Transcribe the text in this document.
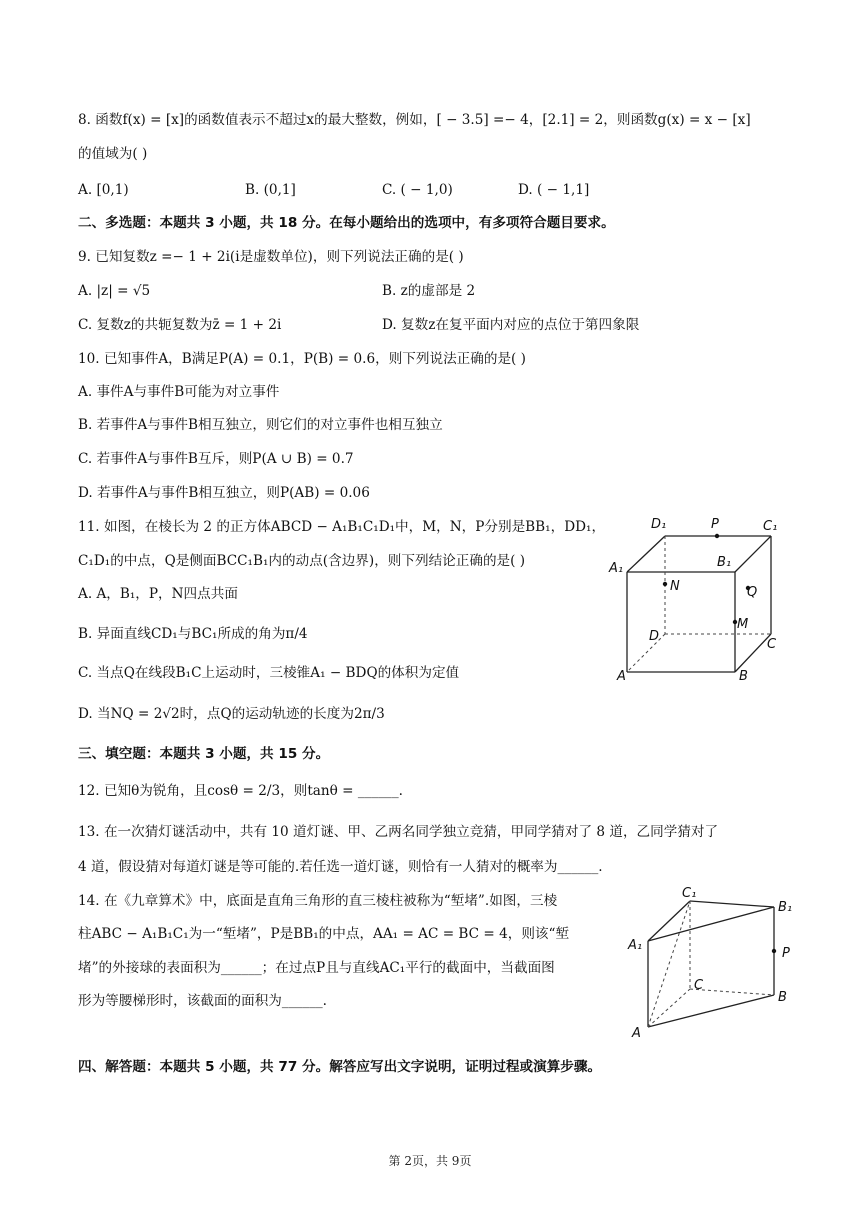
8. 函数f(x) = [x]的函数值表示不超过x的最大整数，例如，[ − 3.5] =− 4，[2.1] = 2，则函数g(x) = x − [x]
的值域为( )
A. [0,1)	B. (0,1]	C. ( − 1,0)	D. ( − 1,1]
二、多选题：本题共 3 小题，共 18 分。在每小题给出的选项中，有多项符合题目要求。
9. 已知复数z =− 1 + 2i(i是虚数单位)，则下列说法正确的是( )
A. |z| = √5	B. z的虚部是 2
C. 复数z的共轭复数为z̄ = 1 + 2i	D. 复数z在复平面内对应的点位于第四象限
10. 已知事件A，B满足P(A) = 0.1，P(B) = 0.6，则下列说法正确的是( )
A. 事件A与事件B可能为对立事件
B. 若事件A与事件B相互独立，则它们的对立事件也相互独立
C. 若事件A与事件B互斥，则P(A ∪ B) = 0.7
D. 若事件A与事件B相互独立，则P(AB) = 0.06
11. 如图，在棱长为 2 的正方体ABCD − A₁B₁C₁D₁中，M，N，P分别是BB₁，DD₁，
C₁D₁的中点，Q是侧面BCC₁B₁内的动点(含边界)，则下列结论正确的是( )
A. A，B₁，P，N四点共面
B. 异面直线CD₁与BC₁所成的角为π/4
C. 当点Q在线段B₁C上运动时，三棱锥A₁ − BDQ的体积为定值
D. 当NQ = 2√2时，点Q的运动轨迹的长度为2π/3
D₁	P	C₁
A₁	B₁
N	Q
D
M
C
A	B
三、填空题：本题共 3 小题，共 15 分。
12. 已知θ为锐角，且cosθ = 2/3，则tanθ = ______.
13. 在一次猜灯谜活动中，共有 10 道灯谜、甲、乙两名同学独立竞猜，甲同学猜对了 8 道，乙同学猜对了
4 道，假设猜对每道灯谜是等可能的.若任选一道灯谜，则恰有一人猜对的概率为______.
14. 在《九章算术》中，底面是直角三角形的直三棱柱被称为“堑堵”.如图，三棱
柱ABC − A₁B₁C₁为一“堑堵”，P是BB₁的中点，AA₁ = AC = BC = 4，则该“堑
堵”的外接球的表面积为______；在过点P且与直线AC₁平行的截面中，当截面图
形为等腰梯形时，该截面的面积为______.
C₁
B₁
A₁
P
C
B
A
四、解答题：本题共 5 小题，共 77 分。解答应写出文字说明，证明过程或演算步骤。
第 2页，共 9页
